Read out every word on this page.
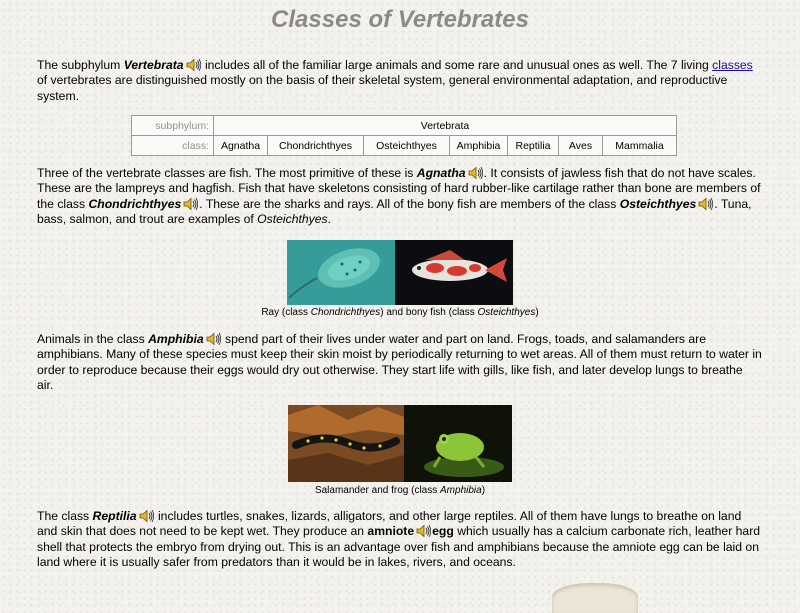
Classes of Vertebrates
The subphylum Vertebrata includes all of the familiar large animals and some rare and unusual ones as well. The 7 living classes of vertebrates are distinguished mostly on the basis of their skeletal system, general environmental adaptation, and reproductive system.
subphylum:	Vertebrata						
class:	Agnatha	Chondrichthyes	Osteichthyes	Amphibia	Reptilia	Aves	Mammalia
Three of the vertebrate classes are fish. The most primitive of these is Agnatha . It consists of jawless fish that do not have scales. These are the lampreys and hagfish. Fish that have skeletons consisting of hard rubber-like cartilage rather than bone are members of the class Chondrichthyes . These are the sharks and rays. All of the bony fish are members of the class Osteichthyes . Tuna, bass, salmon, and trout are examples of Osteichthyes.
Ray (class Chondrichthyes) and bony fish (class Osteichthyes)
Animals in the class Amphibia spend part of their lives under water and part on land. Frogs, toads, and salamanders are amphibians. Many of these species must keep their skin moist by periodically returning to wet areas. All of them must return to water in order to reproduce because their eggs would dry out otherwise. They start life with gills, like fish, and later develop lungs to breathe air.
Salamander and frog (class Amphibia)
The class Reptilia includes turtles, snakes, lizards, alligators, and other large reptiles. All of them have lungs to breathe on land and skin that does not need to be kept wet. They produce an amniote egg which usually has a calcium carbonate rich, leather hard shell that protects the embryo from drying out. This is an advantage over fish and amphibians because the amniote egg can be laid on land where it is usually safer from predators than it would be in lakes, rivers, and oceans.
